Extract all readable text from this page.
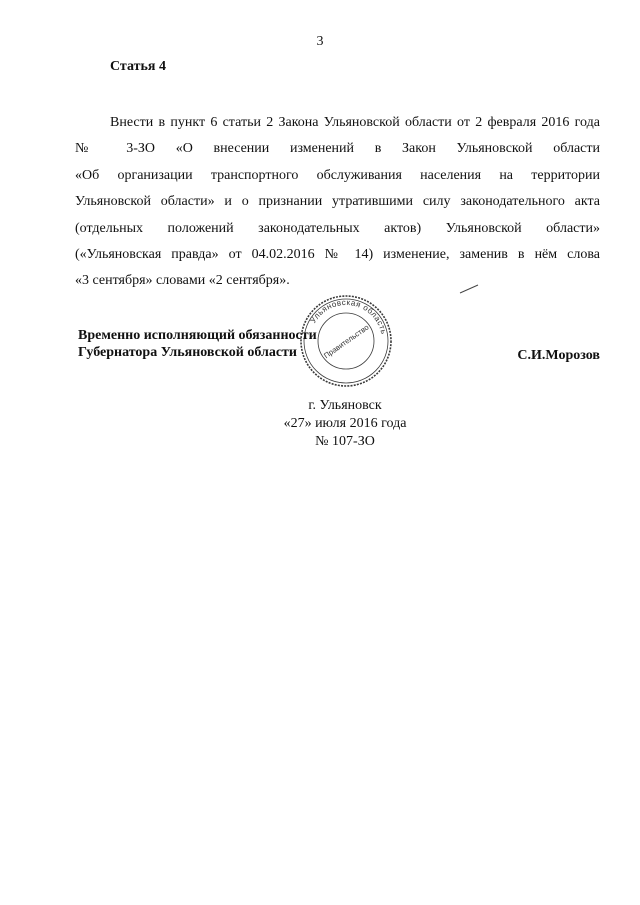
3
Статья 4
Внести в пункт 6 статьи 2 Закона Ульяновской области от 2 февраля 2016 года
№ 3-ЗО «О внесении изменений в Закон Ульяновской области
«Об организации транспортного обслуживания населения на территории
Ульяновской области» и о признании утратившими силу законодательного акта
(отдельных положений законодательных актов) Ульяновской области»
(«Ульяновская правда» от 04.02.2016 № 14) изменение, заменив в нём слова
«3 сентября» словами «2 сентября».
Ульяновская область
Правительство
Временно исполняющий обязанности
Губернатора Ульяновской области	С.И.Морозов
г. Ульяновск
«27» июля 2016 года
№ 107-ЗО
